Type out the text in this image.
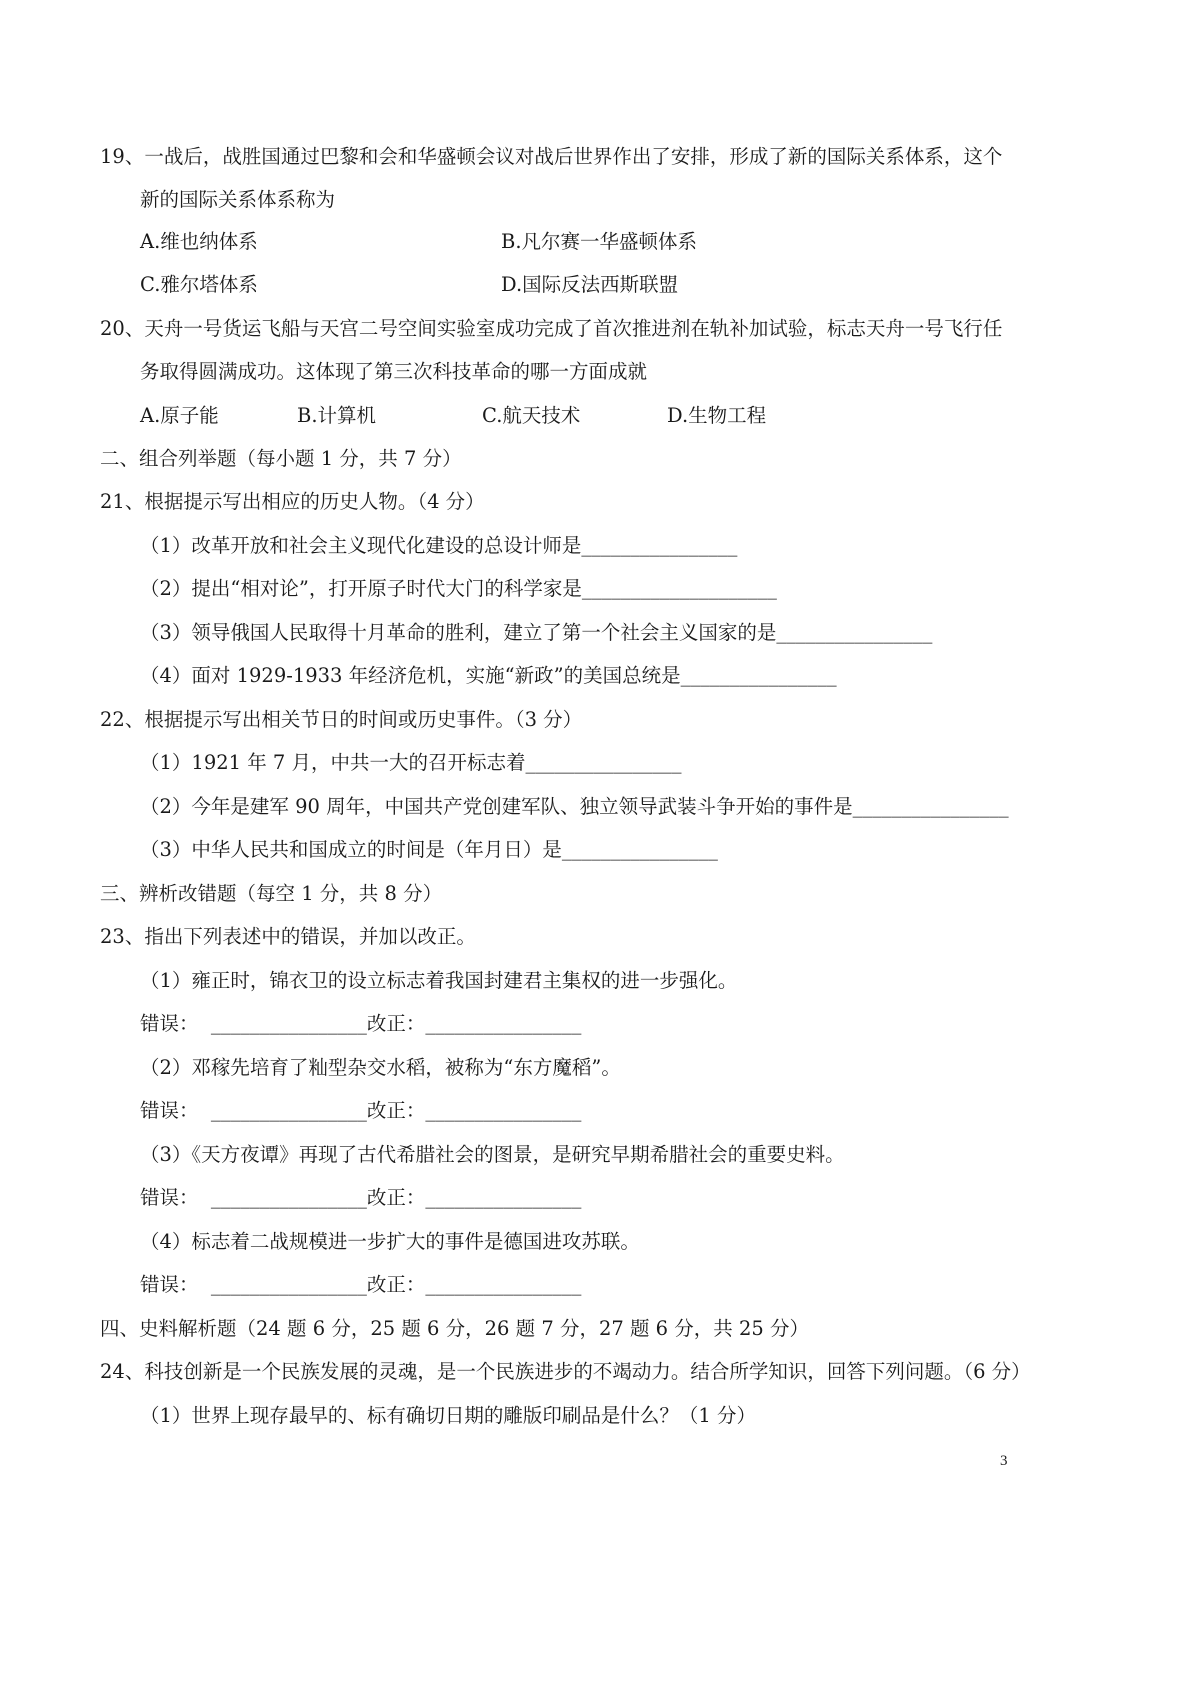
19、一战后，战胜国通过巴黎和会和华盛顿会议对战后世界作出了安排，形成了新的国际关系体系，这个
新的国际关系体系称为
A.维也纳体系	B.凡尔赛一华盛顿体系
C.雅尔塔体系	D.国际反法西斯联盟
20、天舟一号货运飞船与天宫二号空间实验室成功完成了首次推进剂在轨补加试验，标志天舟一号飞行任
务取得圆满成功。这体现了第三次科技革命的哪一方面成就
A.原子能	B.计算机	C.航天技术	D.生物工程
二、组合列举题（每小题 1 分，共 7 分）
21、根据提示写出相应的历史人物。（4 分）
（1）改革开放和社会主义现代化建设的总设计师是________________
（2）提出“相对论”，打开原子时代大门的科学家是____________________
（3）领导俄国人民取得十月革命的胜利，建立了第一个社会主义国家的是________________
（4）面对 1929-1933 年经济危机，实施“新政”的美国总统是________________
22、根据提示写出相关节日的时间或历史事件。（3 分）
（1）1921 年 7 月，中共一大的召开标志着________________
（2）今年是建军 90 周年，中国共产党创建军队、独立领导武装斗争开始的事件是________________
（3）中华人民共和国成立的时间是（年月日）是________________
三、辨析改错题（每空 1 分，共 8 分）
23、指出下列表述中的错误，并加以改正。
（1）雍正时，锦衣卫的设立标志着我国封建君主集权的进一步强化。
错误：  ________________改正：________________
（2）邓稼先培育了籼型杂交水稻，被称为“东方魔稻”。
错误：  ________________改正：________________
（3）《天方夜谭》再现了古代希腊社会的图景，是研究早期希腊社会的重要史料。
错误：  ________________改正：________________
（4）标志着二战规模进一步扩大的事件是德国进攻苏联。
错误：  ________________改正：________________
四、史料解析题（24 题 6 分，25 题 6 分，26 题 7 分，27 题 6 分，共 25 分）
24、科技创新是一个民族发展的灵魂，是一个民族进步的不竭动力。结合所学知识，回答下列问题。（6 分）
（1）世界上现存最早的、标有确切日期的雕版印刷品是什么？（1 分）
3
